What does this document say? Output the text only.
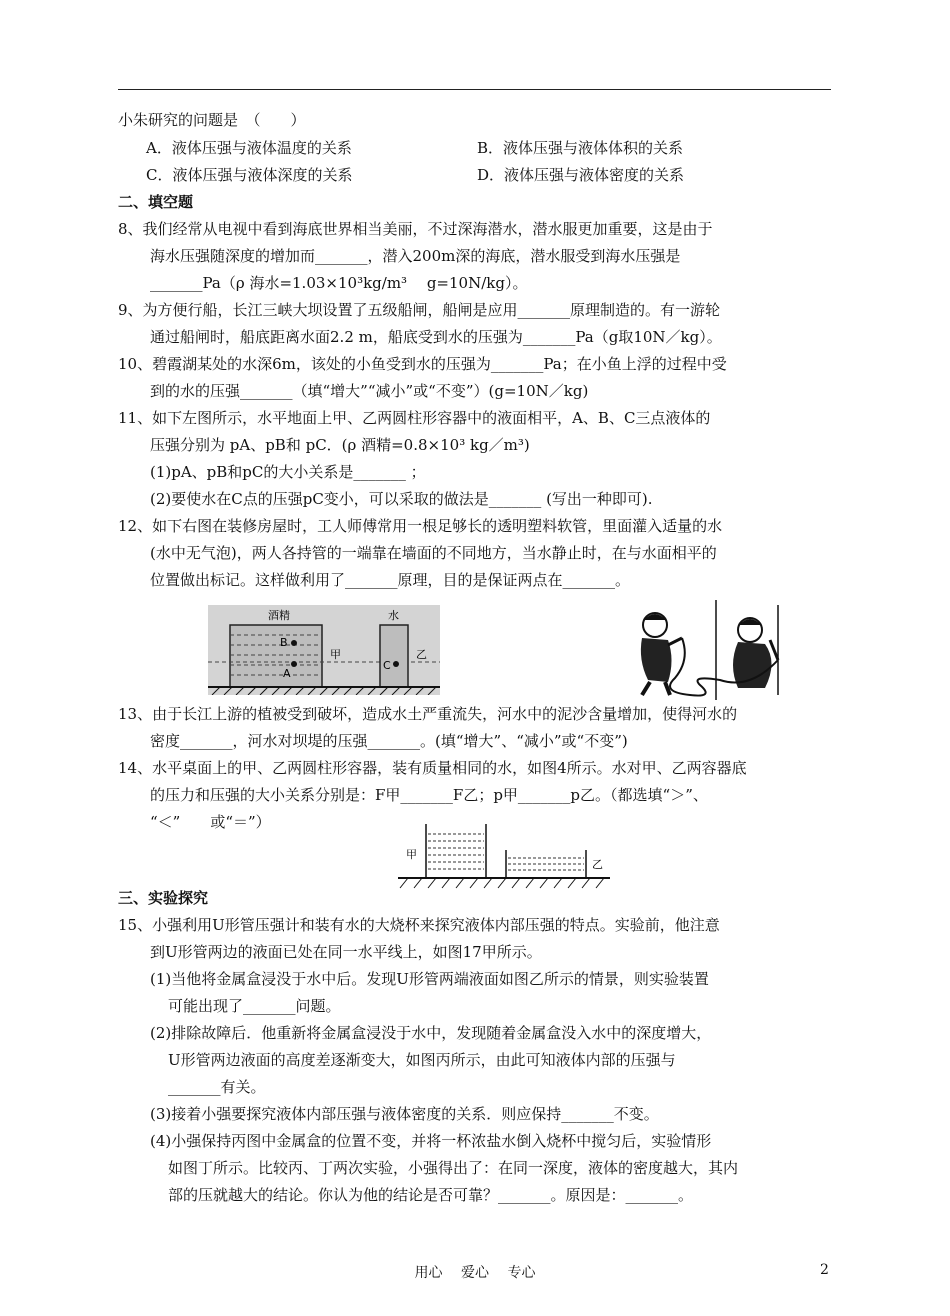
小朱研究的问题是　（　　）
A．液体压强与液体温度的关系	B．液体压强与液体体积的关系
C．液体压强与液体深度的关系	D．液体压强与液体密度的关系
二、填空题
8、我们经常从电视中看到海底世界相当美丽，不过深海潜水，潜水服更加重要，这是由于
海水压强随深度的增加而_______，潜入200m深的海底，潜水服受到海水压强是
_______Pa（ρ 海水=1.03×10³kg/m³　 g=10N/kg）。
9、为方便行船，长江三峡大坝设置了五级船闸，船闸是应用_______原理制造的。有一游轮
通过船闸时，船底距离水面2.2 m，船底受到水的压强为_______Pa（g取10N／kg）。
10、碧霞湖某处的水深6m，该处的小鱼受到水的压强为_______Pa；在小鱼上浮的过程中受
到的水的压强_______（填“增大”“减小”或“不变”）(g=10N／kg)
11、如下左图所示，水平地面上甲、乙两圆柱形容器中的液面相平，A、B、C三点液体的
压强分别为 pA、pB和 pC．(ρ 酒精=0.8×10³ kg／m³)
(1)pA、pB和pC的大小关系是_______ ；
(2)要使水在C点的压强pC变小，可以采取的做法是_______ (写出一种即可).
12、如下右图在装修房屋时，工人师傅常用一根足够长的透明塑料软管，里面灌入适量的水
(水中无气泡)，两人各持管的一端靠在墙面的不同地方，当水静止时，在与水面相平的
位置做出标记。这样做利用了_______原理，目的是保证两点在_______。
酒精	水
B
A
C
甲	乙
13、由于长江上游的植被受到破坏，造成水土严重流失，河水中的泥沙含量增加，使得河水的
密度_______，河水对坝堤的压强_______。(填“增大”、“减小”或“不变”)
14、水平桌面上的甲、乙两圆柱形容器，装有质量相同的水，如图4所示。水对甲、乙两容器底
的压力和压强的大小关系分别是：F甲_______F乙；p甲_______p乙。（都选填“＞”、
“＜”　　或“＝”）
甲
乙
三、实验探究
15、小强利用U形管压强计和装有水的大烧杯来探究液体内部压强的特点。实验前，他注意
到U形管两边的液面已处在同一水平线上，如图17甲所示。
(1)当他将金属盒浸没于水中后。发现U形管两端液面如图乙所示的情景，则实验装置
可能出现了_______问题。
(2)排除故障后．他重新将金属盒浸没于水中，发现随着金属盒没入水中的深度增大，
U形管两边液面的高度差逐渐变大，如图丙所示，由此可知液体内部的压强与
_______有关。
(3)接着小强要探究液体内部压强与液体密度的关系．则应保持_______不变。
(4)小强保持丙图中金属盒的位置不变，并将一杯浓盐水倒入烧杯中搅匀后，实验情形
如图丁所示。比较丙、丁两次实验，小强得出了：在同一深度，液体的密度越大，其内
部的压就越大的结论。你认为他的结论是否可靠？_______。原因是：_______。
用心　 爱心　 专心	2
